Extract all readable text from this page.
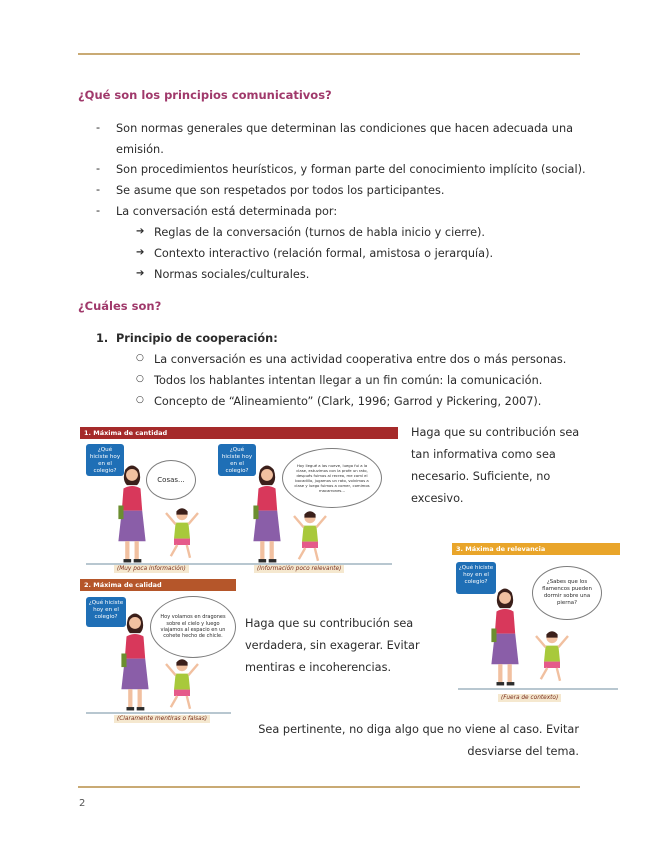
¿Qué son los principios comunicativos?
- Son normas generales que determinan las condiciones que hacen adecuada una
emisión.
- Son procedimientos heurísticos, y forman parte del conocimiento implícito (social).
- Se asume que son respetados por todos los participantes.
- La conversación está determinada por:
➔ Reglas de la conversación (turnos de habla inicio y cierre).
➔ Contexto interactivo (relación formal, amistosa o jerarquía).
➔ Normas sociales/culturales.
¿Cuáles son?
1. Principio de cooperación:
○ La conversación es una actividad cooperativa entre dos o más personas.
○ Todos los hablantes intentan llegar a un fin común: la comunicación.
○ Concepto de “Alineamiento” (Clark, 1996; Garrod y Pickering, 2007).
1. Máxima de cantidad
¿Qué hiciste hoy en el colegio?
Cosas...
(Muy poca información)
¿Qué hiciste hoy en el colegio?
Hoy llegué a las nueve, luego fui a la clase, estuvimos con la profe un rato, después fuimos al recreo, me comí el bocadillo, jugamos un rato, volvimos a clase y luego fuimos a comer, comimos macarrones...
(Información poco relevante)
Haga que su contribución sea
tan informativa como sea
necesario. Suficiente, no
excesivo.
3. Máxima de relevancia
¿Qué hiciste hoy en el colegio?	¿Sabes que los flamencos pueden dormir sobre una pierna?
(Fuera de contexto)
2. Máxima de calidad
¿Qué hiciste hoy en el colegio?	Hoy volamos en dragones sobre el cielo y luego viajamos al espacio en un cohete hecho de chicle.
(Claramente mentiras o falsas)
Haga que su contribución sea
verdadera, sin exagerar. Evitar
mentiras e incoherencias.
Sea pertinente, no diga algo que no viene al caso. Evitar
desviarse del tema.
2
